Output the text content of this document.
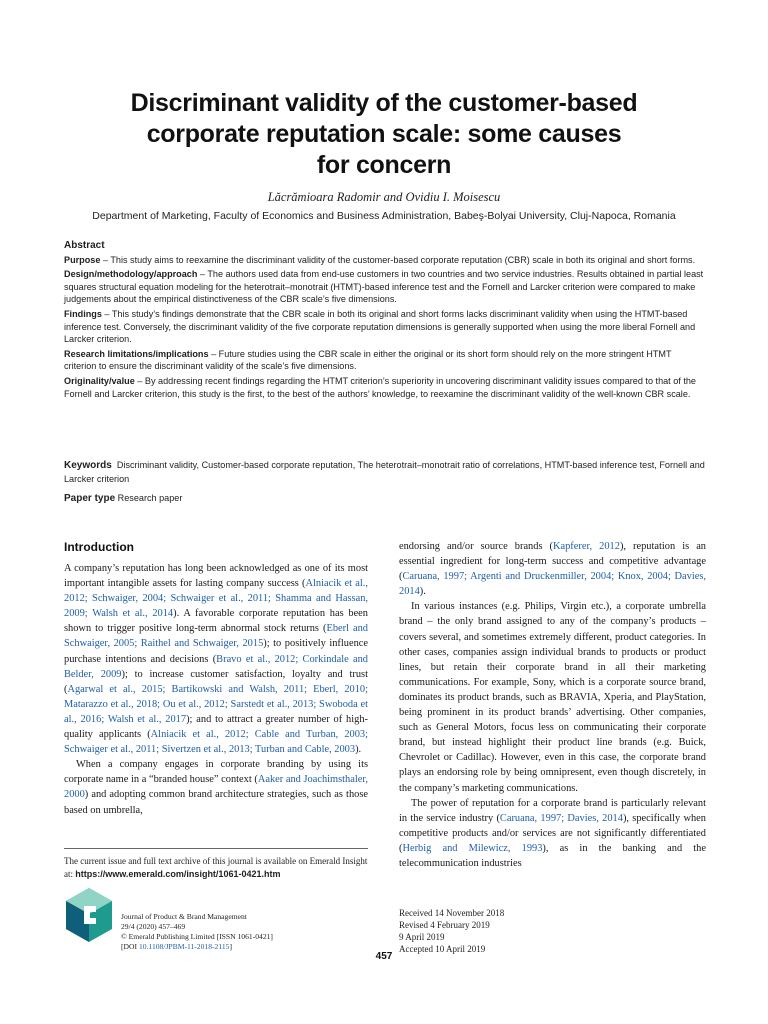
Discriminant validity of the customer-based
corporate reputation scale: some causes
for concern
Lăcrămioara Radomir and Ovidiu I. Moisescu
Department of Marketing, Faculty of Economics and Business Administration, Babeş-Bolyai University, Cluj-Napoca, Romania
Abstract

Purpose – This study aims to reexamine the discriminant validity of the customer-based corporate reputation (CBR) scale in both its original and short forms.

Design/methodology/approach – The authors used data from end-use customers in two countries and two service industries. Results obtained in partial least squares structural equation modeling for the heterotrait–monotrait (HTMT)-based inference test and the Fornell and Larcker criterion were compared to make judgements about the empirical distinctiveness of the CBR scale’s five dimensions.

Findings – This study’s findings demonstrate that the CBR scale in both its original and short forms lacks discriminant validity when using the HTMT-based inference test. Conversely, the discriminant validity of the five corporate reputation dimensions is generally supported when using the more liberal Fornell and Larcker criterion.

Research limitations/implications – Future studies using the CBR scale in either the original or its short form should rely on the more stringent HTMT criterion to ensure the discriminant validity of the scale’s five dimensions.

Originality/value – By addressing recent findings regarding the HTMT criterion’s superiority in uncovering discriminant validity issues compared to that of the Fornell and Larcker criterion, this study is the first, to the best of the authors’ knowledge, to reexamine the discriminant validity of the well-known CBR scale.

Keywords Discriminant validity, Customer-based corporate reputation, The heterotrait–monotrait ratio of correlations, HTMT-based inference test, Fornell and Larcker criterion
Paper type Research paper
Introduction

A company’s reputation has long been acknowledged as one of its most important intangible assets for lasting company success (Alniacik et al., 2012; Schwaiger, 2004; Schwaiger et al., 2011; Shamma and Hassan, 2009; Walsh et al., 2014). A favorable corporate reputation has been shown to trigger positive long-term abnormal stock returns (Eberl and Schwaiger, 2005; Raithel and Schwaiger, 2015); to positively influence purchase intentions and decisions (Bravo et al., 2012; Corkindale and Belder, 2009); to increase customer satisfaction, loyalty and trust (Agarwal et al., 2015; Bartikowski and Walsh, 2011; Eberl, 2010; Matarazzo et al., 2018; Ou et al., 2012; Sarstedt et al., 2013; Swoboda et al., 2016; Walsh et al., 2017); and to attract a greater number of high-quality applicants (Alniacik et al., 2012; Cable and Turban, 2003; Schwaiger et al., 2011; Sivertzen et al., 2013; Turban and Cable, 2003).

When a company engages in corporate branding by using its corporate name in a “branded house” context (Aaker and Joachimsthaler, 2000) and adopting common brand architecture strategies, such as those based on umbrella,

endorsing and/or source brands (Kapferer, 2012), reputation is an essential ingredient for long-term success and competitive advantage (Caruana, 1997; Argenti and Druckenmiller, 2004; Knox, 2004; Davies, 2014).

In various instances (e.g. Philips, Virgin etc.), a corporate umbrella brand – the only brand assigned to any of the company’s products – covers several, and sometimes extremely different, product categories. In other cases, companies assign individual brands to products or product lines, but retain their corporate brand in all their marketing communications. For example, Sony, which is a corporate source brand, dominates its product brands, such as BRAVIA, Xperia, and PlayStation, being prominent in its product brands’ advertising. Other companies, such as General Motors, focus less on communicating their corporate brand, but instead highlight their product line brands (e.g. Buick, Chevrolet or Cadillac). However, even in this case, the corporate brand plays an endorsing role by being omnipresent, even though discretely, in the company’s marketing communications.

The power of reputation for a corporate brand is particularly relevant in the service industry (Caruana, 1997; Davies, 2014), specifically when competitive products and/or services are not significantly differentiated (Herbig and Milewicz, 1993), as in the banking and the telecommunication industries

The current issue and full text archive of this journal is available on Emerald Insight at: https://www.emerald.com/insight/1061-0421.htm
Journal of Product & Brand Management
29/4 (2020) 457–469
© Emerald Publishing Limited [ISSN 1061-0421]
[DOI 10.1108/JPBM-11-2018-2115]
Received 14 November 2018
Revised 4 February 2019
9 April 2019
Accepted 10 April 2019
457
